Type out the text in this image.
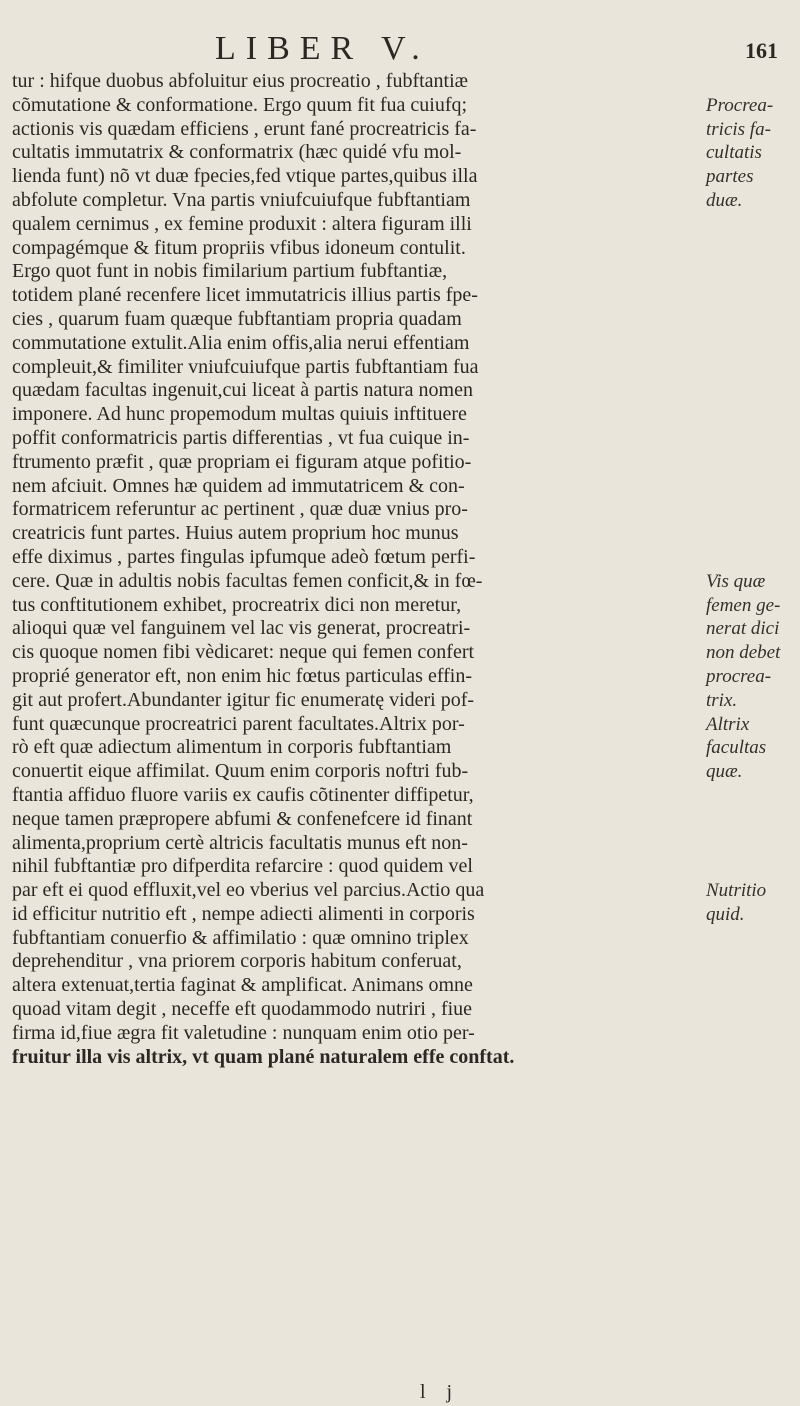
LIBER V.	161
tur : hifque duobus abfoluitur eius procreatio , fubftantiæ
cõmutatione & conformatione. Ergo quum fit fua cuiufq;
actionis vis quædam efficiens , erunt fané procreatricis fa-
cultatis immutatrix & conformatrix (hæc quidé vfu mol-
lienda funt) nõ vt duæ fpecies,fed vtique partes,quibus illa
abfolute completur. Vna partis vniufcuiufque fubftantiam
qualem cernimus , ex femine produxit : altera figuram illi
compagémque & fitum propriis vfibus idoneum contulit.
Ergo quot funt in nobis fimilarium partium fubftantiæ,
totidem plané recenfere licet immutatricis illius partis fpe-
cies , quarum fuam quæque fubftantiam propria quadam
commutatione extulit.Alia enim offis,alia nerui effentiam
compleuit,& fimiliter vniufcuiufque partis fubftantiam fua
quædam facultas ingenuit,cui liceat à partis natura nomen
imponere. Ad hunc propemodum multas quiuis inftituere
poffit conformatricis partis differentias , vt fua cuique in-
ftrumento præfit , quæ propriam ei figuram atque pofitio-
nem afciuit. Omnes hæ quidem ad immutatricem & con-
formatricem referuntur ac pertinent , quæ duæ vnius pro-
creatricis funt partes. Huius autem proprium hoc munus
effe diximus , partes fingulas ipfumque adeò fœtum perfi-
cere. Quæ in adultis nobis facultas femen conficit,& in fœ-
tus conftitutionem exhibet, procreatrix dici non meretur,
alioqui quæ vel fanguinem vel lac vis generat, procreatri-
cis quoque nomen fibi vèdicaret: neque qui femen confert
proprié generator eft, non enim hic fœtus particulas effin-
git aut profert.Abundanter igitur fic enumeratę videri pof-
funt quæcunque procreatrici parent facultates.Altrix por-
rò eft quæ adiectum alimentum in corporis fubftantiam
conuertit eique affimilat. Quum enim corporis noftri fub-
ftantia affiduo fluore variis ex caufis cõtinenter diffipetur,
neque tamen præpropere abfumi & confenefcere id finant
alimenta,proprium certè altricis facultatis munus eft non-
nihil fubftantiæ pro difperdita refarcire : quod quidem vel
par eft ei quod effluxit,vel eo vberius vel parcius.Actio qua
id efficitur nutritio eft , nempe adiecti alimenti in corporis
fubftantiam conuerfio & affimilatio : quæ omnino triplex
deprehenditur , vna priorem corporis habitum conferuat,
altera extenuat,tertia faginat & amplificat. Animans omne
quoad vitam degit , neceffe eft quodammodo nutriri , fiue
firma id,fiue ægra fit valetudine : nunquam enim otio per-
fruitur illa vis altrix, vt quam plané naturalem effe conftat.
Procrea-
tricis fa-
cultatis
partes
duæ.
Vis quæ
femen ge-
nerat dici
non debet
procrea-
trix.
Altrix
facultas
quæ.
Nutritio
quid.
l j
